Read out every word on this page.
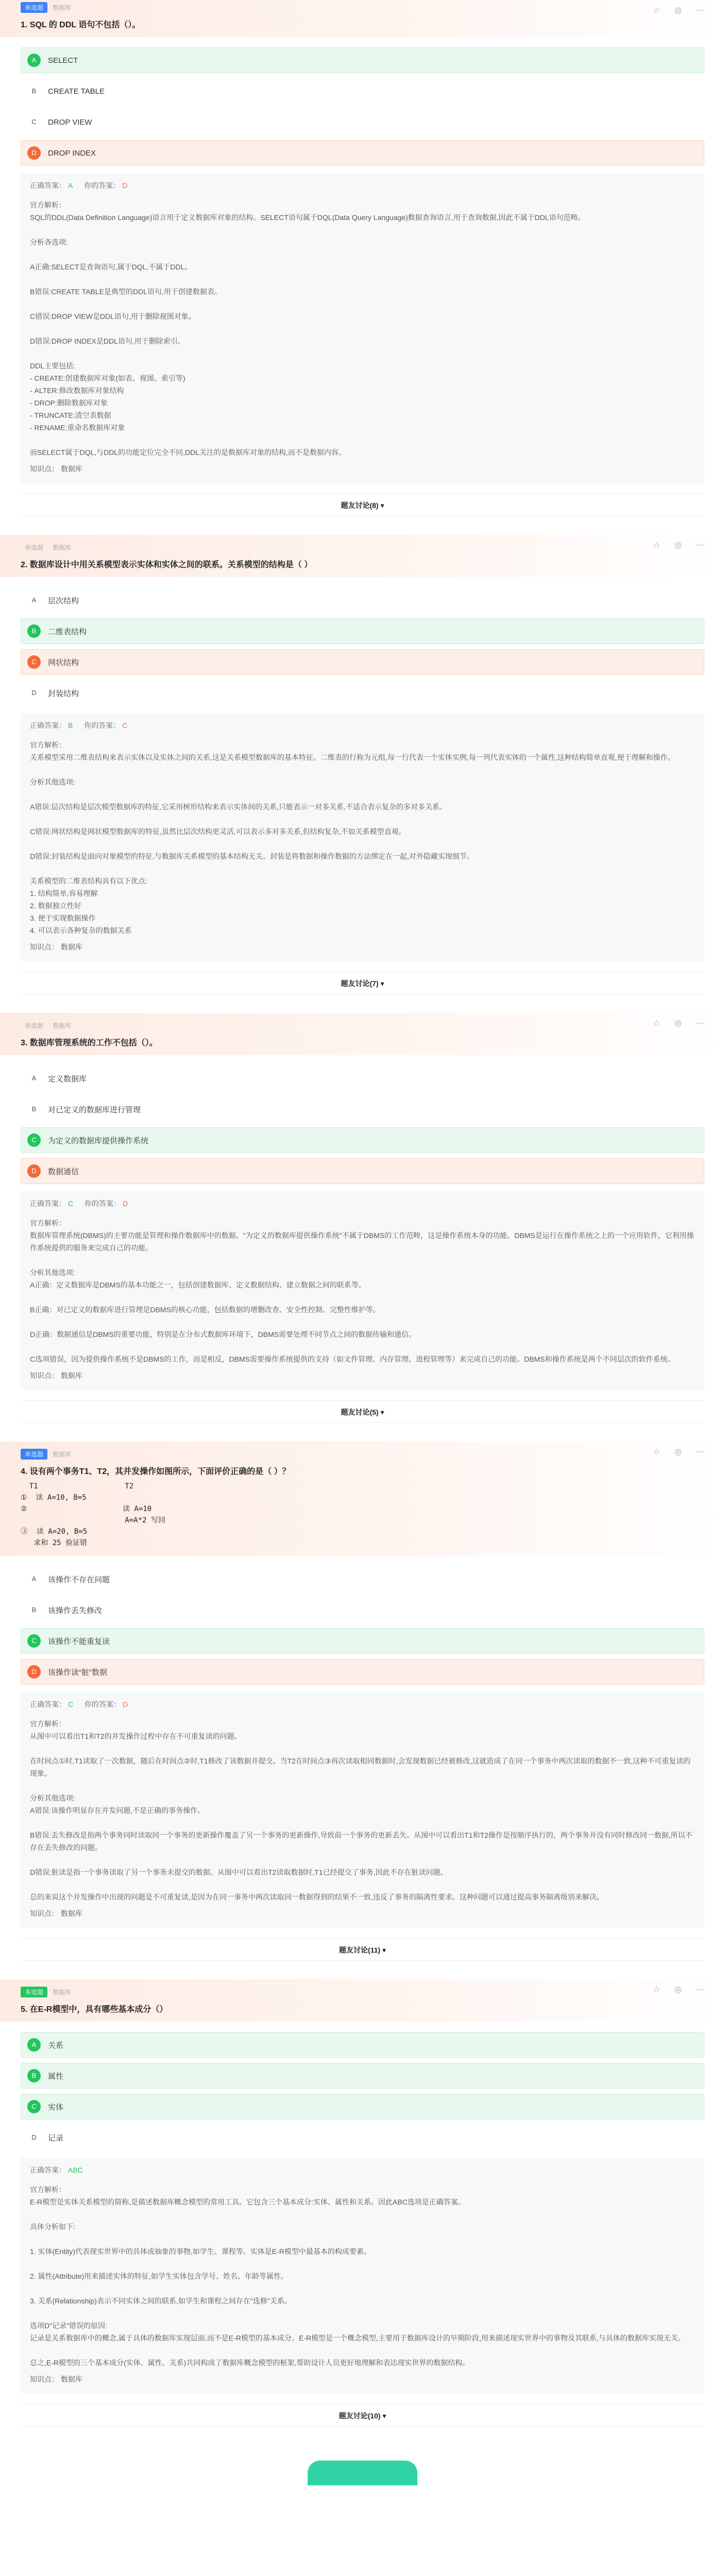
单选题 数据库	☆ ◎ ⋯
1. SQL 的 DDL 语句不包括（）。
A	SELECT
B	CREATE TABLE
C	DROP VIEW
D	DROP INDEX
正确答案： A 你的答案： D
官方解析：
SQL的DDL(Data Definition Language)语言用于定义数据库对象的结构。SELECT语句属于DQL(Data Query Language)数据查询语言,用于查询数据,因此不属于DDL语句范畴。

分析各选项:

A正确:SELECT是查询语句,属于DQL,不属于DDL。

B错误:CREATE TABLE是典型的DDL语句,用于创建数据表。

C错误:DROP VIEW是DDL语句,用于删除视图对象。

D错误:DROP INDEX是DDL语句,用于删除索引。

DDL主要包括:
- CREATE:创建数据库对象(如表、视图、索引等)
- ALTER:修改数据库对象结构
- DROP:删除数据库对象
- TRUNCATE:清空表数据
- RENAME:重命名数据库对象

而SELECT属于DQL,与DDL的功能定位完全不同,DDL关注的是数据库对象的结构,而不是数据内容。
知识点： 数据库
题友讨论(8) ▾
单选题 数据库	☆ ◎ ⋯
2. 数据库设计中用关系模型表示实体和实体之间的联系。关系模型的结构是（ ）
A	层次结构
B	二维表结构
C	网状结构
D	封装结构
正确答案： B 你的答案： C
官方解析：
关系模型采用二维表结构来表示实体以及实体之间的关系,这是关系模型数据库的基本特征。二维表的行称为元组,每一行代表一个实体实例,每一列代表实体的一个属性,这种结构简单直观,便于理解和操作。

分析其他选项:

A错误:层次结构是层次模型数据库的特征,它采用树形结构来表示实体间的关系,只能表示一对多关系,不适合表示复杂的多对多关系。

C错误:网状结构是网状模型数据库的特征,虽然比层次结构更灵活,可以表示多对多关系,但结构复杂,不如关系模型直观。

D错误:封装结构是面向对象模型的特征,与数据库关系模型的基本结构无关。封装是将数据和操作数据的方法绑定在一起,对外隐藏实现细节。

关系模型的二维表结构具有以下优点:
1. 结构简单,容易理解
2. 数据独立性好
3. 便于实现数据操作
4. 可以表示各种复杂的数据关系
知识点： 数据库
题友讨论(7) ▾
单选题 数据库	☆ ◎ ⋯
3. 数据库管理系统的工作不包括（）。
A	定义数据库
B	对已定义的数据库进行管理
C	为定义的数据库提供操作系统
D	数据通信
正确答案： C 你的答案： D
官方解析：
数据库管理系统(DBMS)的主要功能是管理和操作数据库中的数据。"为定义的数据库提供操作系统"不属于DBMS的工作范畴，这是操作系统本身的功能。DBMS是运行在操作系统之上的一个应用软件，它利用操作系统提供的服务来完成自己的功能。

分析其他选项:
A正确：定义数据库是DBMS的基本功能之一，包括创建数据库、定义数据结构、建立数据之间的联系等。

B正确：对已定义的数据库进行管理是DBMS的核心功能，包括数据的增删改查、安全性控制、完整性维护等。

D正确：数据通信是DBMS的重要功能，特别是在分布式数据库环境下，DBMS需要处理不同节点之间的数据传输和通信。

C选项错误，因为提供操作系统不是DBMS的工作，而是相反，DBMS需要操作系统提供的支持（如文件管理、内存管理、进程管理等）来完成自己的功能。DBMS和操作系统是两个不同层次的软件系统。
知识点： 数据库
题友讨论(5) ▾
单选题 数据库	☆ ◎ ⋯
4. 设有两个事务T1、T2，其并发操作如图所示，下面评价正确的是（ ）？
T1                    T2
①  读 A=10, B=5
②                      读 A=10
A=A*2 写回
③  读 A=20, B=5
求和 25 验证错
A	该操作不存在问题
B	该操作丢失修改
C	该操作不能重复读
D	该操作读“脏”数据
正确答案： C 你的答案： D
官方解析：
从图中可以看出T1和T2的并发操作过程中存在不可重复读的问题。

在时间点①时,T1读取了一次数据，随后在时间点②时,T1修改了该数据并提交。当T2在时间点③再次读取相同数据时,会发现数据已经被修改,这就造成了在同一个事务中两次读取的数据不一致,这种不可重复读的现象。

分析其他选项:
A错误:该操作明显存在并发问题,不是正确的事务操作。

B错误:丢失修改是指两个事务同时读取同一个事务的更新操作覆盖了另一个事务的更新操作,导致前一个事务的更新丢失。从图中可以看出T1和T2操作是按顺序执行的，两个事务并没有同时修改同一数据,所以不存在丢失修改的问题。

D错误:脏读是指一个事务读取了另一个事务未提交的数据。从图中可以看出T2读取数据时,T1已经提交了事务,因此不存在脏读问题。

总的来说这个并发操作中出现的问题是不可重复读,是因为在同一事务中两次读取同一数据得到的结果不一致,违反了事务的隔离性要求。这种问题可以通过提高事务隔离级别来解决。
知识点： 数据库
题友讨论(11) ▾
多选题 数据库	☆ ◎ ⋯
5. 在E-R模型中，具有哪些基本成分（）
A	关系
B	属性
C	实体
D	记录
正确答案： ABC
官方解析：
E-R模型是实体关系模型的简称,是描述数据库概念模型的常用工具。它包含三个基本成分:实体、属性和关系。因此ABC选项是正确答案。

具体分析如下:

1. 实体(Entity)代表现实世界中的具体或抽象的事物,如学生、课程等。实体是E-R模型中最基本的构成要素。

2. 属性(Attribute)用来描述实体的特征,如学生实体包含学号、姓名、年龄等属性。

3. 关系(Relationship)表示不同实体之间的联系,如学生和课程之间存在"选修"关系。

选项D"记录"错误的原因:
记录是关系数据库中的概念,属于具体的数据库实现层面,而不是E-R模型的基本成分。E-R模型是一个概念模型,主要用于数据库设计的早期阶段,用来描述现实世界中的事物及其联系,与具体的数据库实现无关。

总之,E-R模型的三个基本成分(实体、属性、关系)共同构成了数据库概念模型的框架,帮助设计人员更好地理解和表达现实世界的数据结构。
知识点： 数据库
题友讨论(10) ▾
